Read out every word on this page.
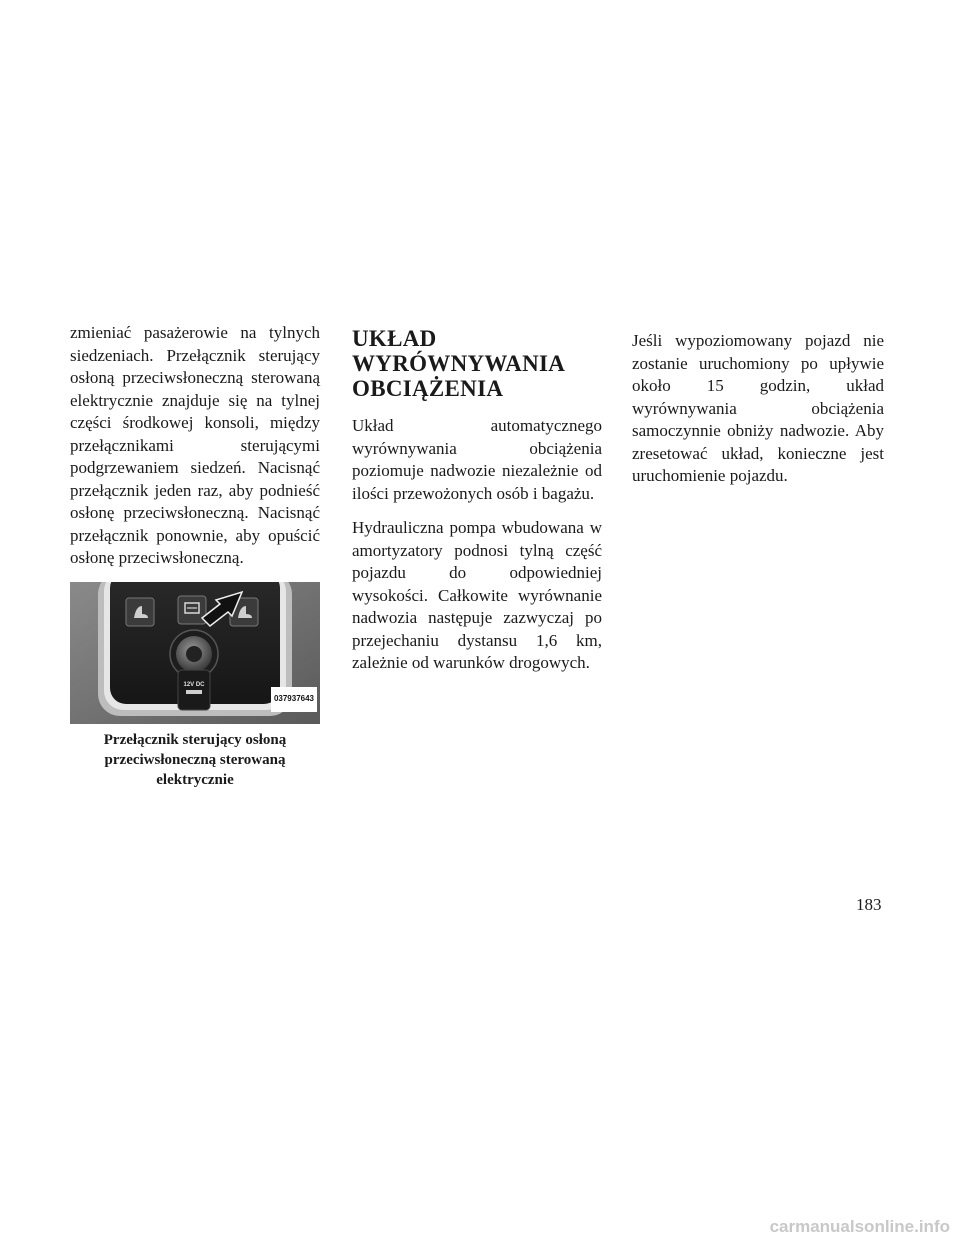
zmieniać pasażerowie na tylnych siedzeniach. Przełącznik sterujący osłoną przeciwsłoneczną sterowaną elektrycznie znajduje się na tylnej części środkowej konsoli, między przełącznikami sterującymi podgrzewaniem siedzeń. Nacisnąć przełącznik jeden raz, aby podnieść osłonę przeciwsłoneczną. Nacisnąć przełącznik ponownie, aby opuścić osłonę przeciwsłoneczną.

12V DC
037937643
Przełącznik sterujący osłoną przeciwsłoneczną sterowaną elektrycznie
UKŁAD
WYRÓWNYWANIA
OBCIĄŻENIA

Układ automatycznego wyrównywania obciążenia poziomuje nadwozie niezależnie od ilości przewożonych osób i bagażu.

Hydrauliczna pompa wbudowana w amortyzatory podnosi tylną część pojazdu do odpowiedniej wysokości. Całkowite wyrównanie nadwozia następuje zazwyczaj po przejechaniu dystansu 1,6 km, zależnie od warunków drogowych.

Jeśli wypoziomowany pojazd nie zostanie uruchomiony po upływie około 15 godzin, układ wyrównywania obciążenia samoczynnie obniży nadwozie. Aby zresetować układ, konieczne jest uruchomienie pojazdu.

183
carmanualsonline.info
